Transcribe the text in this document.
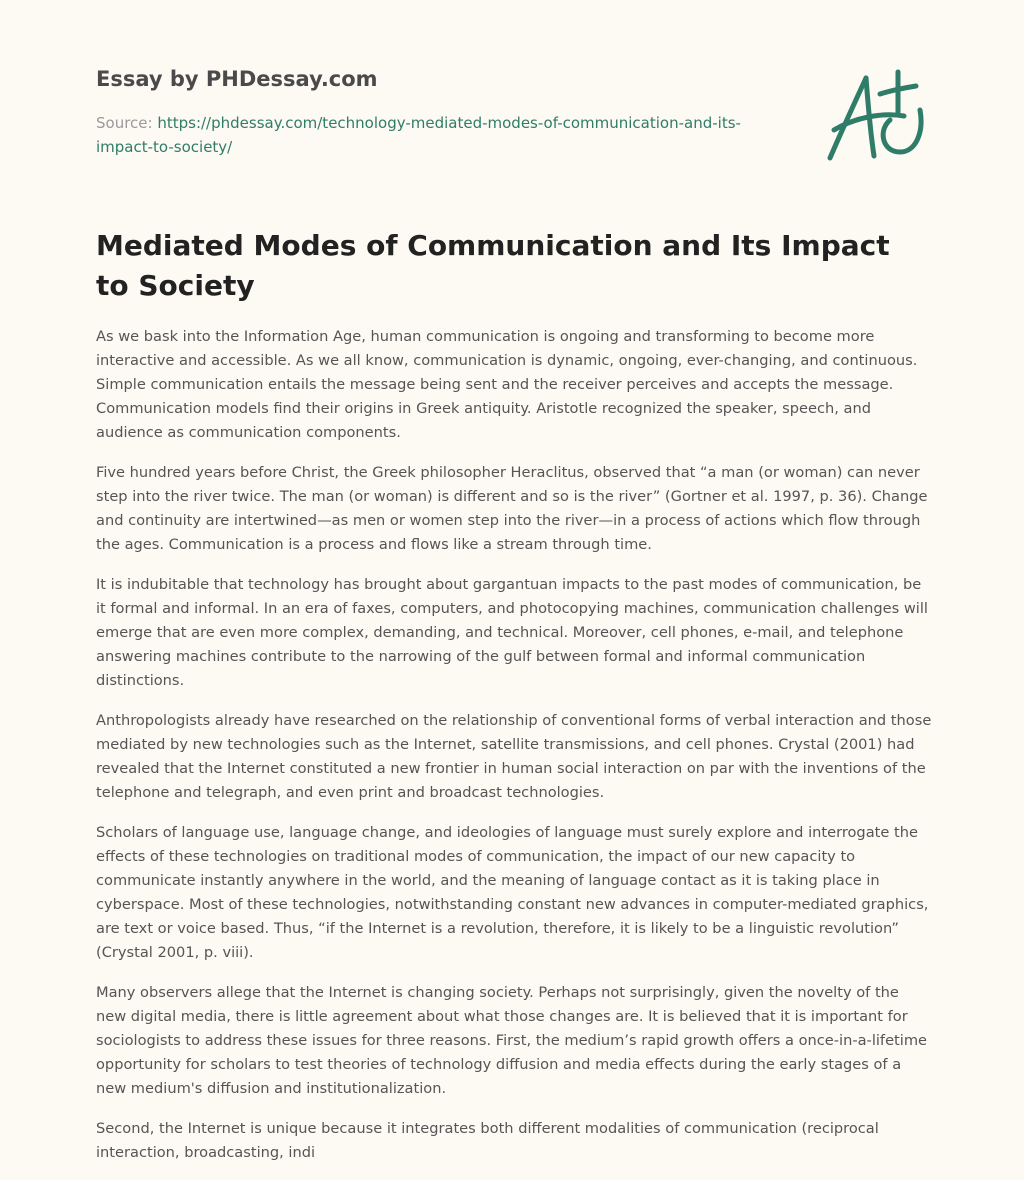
Essay by PHDessay.com
Source: https://phdessay.com/technology-mediated-modes-of-communication-and-its-impact-to-society/
Mediated Modes of Communication and Its Impact to Society

As we bask into the Information Age, human communication is ongoing and transforming to become more interactive and accessible. As we all know, communication is dynamic, ongoing, ever-changing, and continuous. Simple communication entails the message being sent and the receiver perceives and accepts the message. Communication models find their origins in Greek antiquity. Aristotle recognized the speaker, speech, and audience as communication components.

Five hundred years before Christ, the Greek philosopher Heraclitus, observed that “a man (or woman) can never step into the river twice. The man (or woman) is different and so is the river” (Gortner et al. 1997, p. 36). Change and continuity are intertwined—as men or women step into the river—in a process of actions which flow through the ages. Communication is a process and flows like a stream through time.

It is indubitable that technology has brought about gargantuan impacts to the past modes of communication, be it formal and informal. In an era of faxes, computers, and photocopying machines, communication challenges will emerge that are even more complex, demanding, and technical. Moreover, cell phones, e-mail, and telephone answering machines contribute to the narrowing of the gulf between formal and informal communication distinctions.

Anthropologists already have researched on the relationship of conventional forms of verbal interaction and those mediated by new technologies such as the Internet, satellite transmissions, and cell phones. Crystal (2001) had revealed that the Internet constituted a new frontier in human social interaction on par with the inventions of the telephone and telegraph, and even print and broadcast technologies.

Scholars of language use, language change, and ideologies of language must surely explore and interrogate the effects of these technologies on traditional modes of communication, the impact of our new capacity to communicate instantly anywhere in the world, and the meaning of language contact as it is taking place in cyberspace. Most of these technologies, notwithstanding constant new advances in computer-mediated graphics, are text or voice based. Thus, “if the Internet is a revolution, therefore, it is likely to be a linguistic revolution” (Crystal 2001, p. viii).

Many observers allege that the Internet is changing society. Perhaps not surprisingly, given the novelty of the new digital media, there is little agreement about what those changes are. It is believed that it is important for sociologists to address these issues for three reasons. First, the medium’s rapid growth offers a once-in-a-lifetime opportunity for scholars to test theories of technology diffusion and media effects during the early stages of a new medium's diffusion and institutionalization.

Second, the Internet is unique because it integrates both different modalities of communication (reciprocal interaction, broadcasting, indi
